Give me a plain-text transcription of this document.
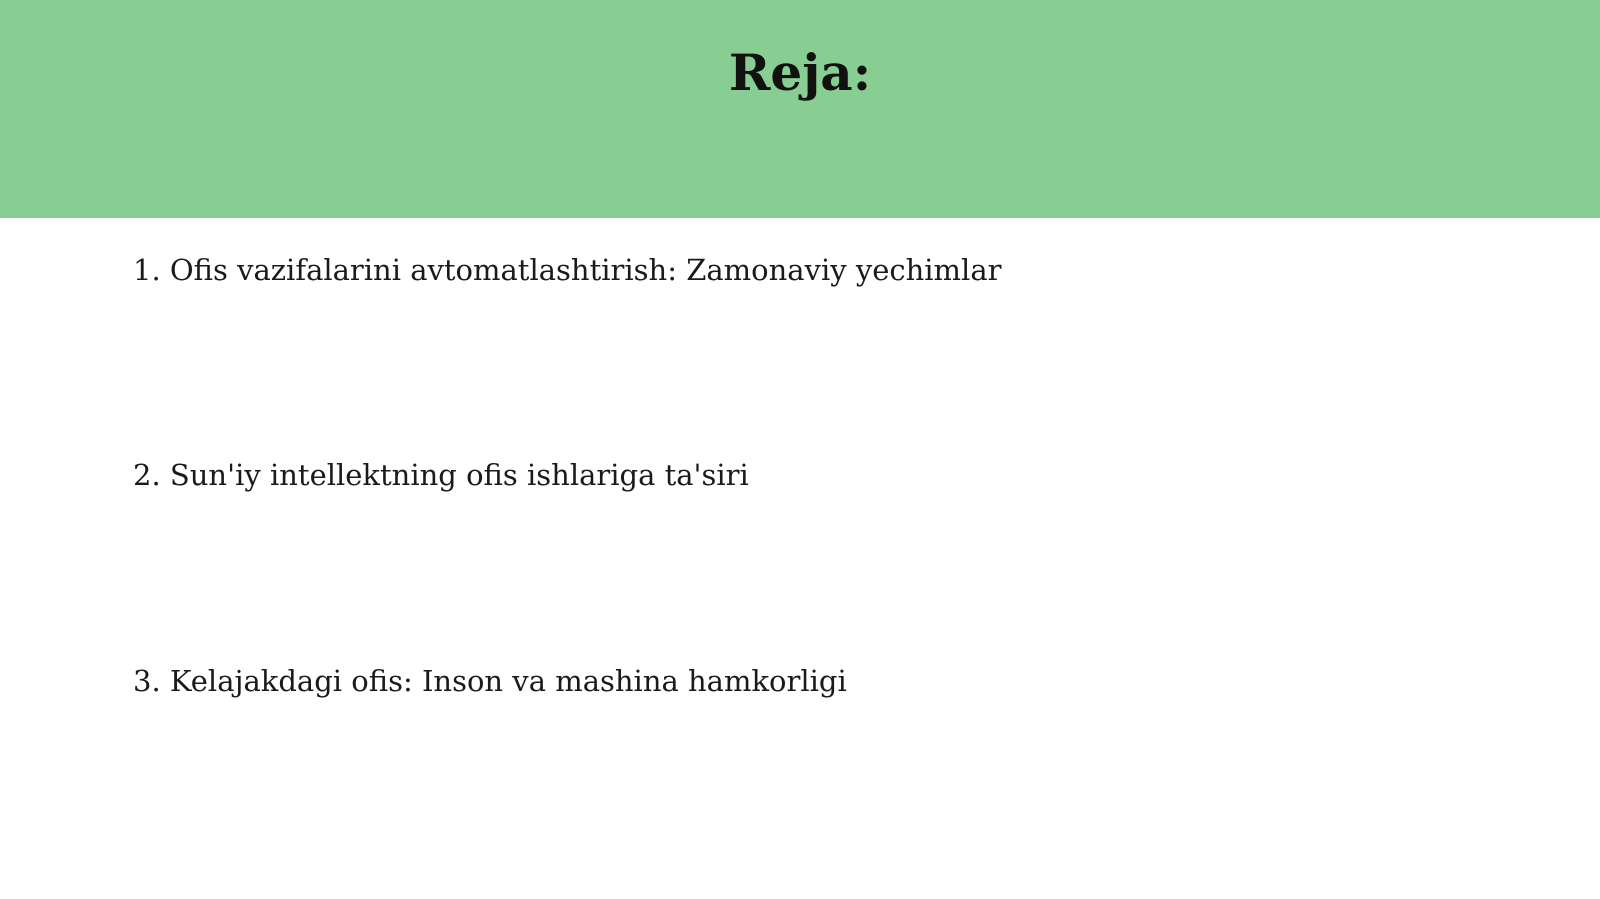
Reja:
1. Ofis vazifalarini avtomatlashtirish: Zamonaviy yechimlar
2. Sun'iy intellektning ofis ishlariga ta'siri
3. Kelajakdagi ofis: Inson va mashina hamkorligi
